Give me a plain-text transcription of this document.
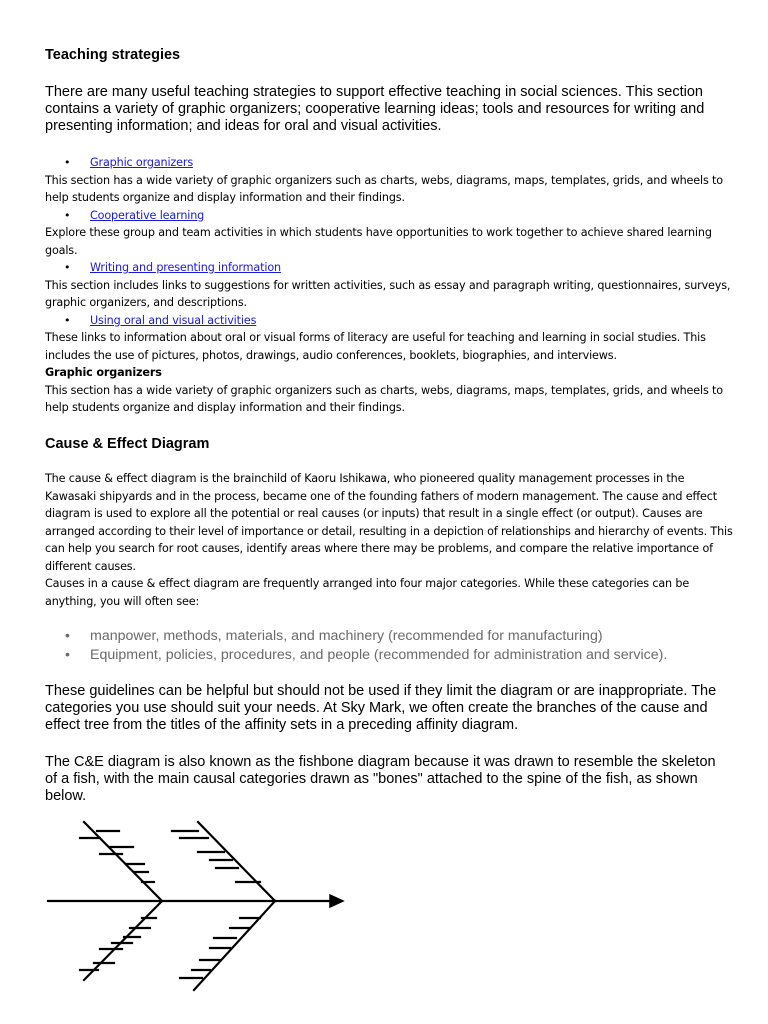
Teaching strategies

There are many useful teaching strategies to support effective teaching in social sciences. This section contains a variety of graphic organizers; cooperative learning ideas; tools and resources for writing and presenting information; and ideas for oral and visual activities.

• Graphic organizers

This section has a wide variety of graphic organizers such as charts, webs, diagrams, maps, templates, grids, and wheels to help students organize and display information and their findings.

• Cooperative learning

Explore these group and team activities in which students have opportunities to work together to achieve shared learning goals.

• Writing and presenting information

This section includes links to suggestions for written activities, such as essay and paragraph writing, questionnaires, surveys, graphic organizers, and descriptions.

• Using oral and visual activities

These links to information about oral or visual forms of literacy are useful for teaching and learning in social studies. This includes the use of pictures, photos, drawings, audio conferences, booklets, biographies, and interviews.

Graphic organizers

This section has a wide variety of graphic organizers such as charts, webs, diagrams, maps, templates, grids, and wheels to help students organize and display information and their findings.

Cause & Effect Diagram

The cause & effect diagram is the brainchild of Kaoru Ishikawa, who pioneered quality management processes in the Kawasaki shipyards and in the process, became one of the founding fathers of modern management. The cause and effect diagram is used to explore all the potential or real causes (or inputs) that result in a single effect (or output). Causes are arranged according to their level of importance or detail, resulting in a depiction of relationships and hierarchy of events. This can help you search for root causes, identify areas where there may be problems, and compare the relative importance of different causes.

Causes in a cause & effect diagram are frequently arranged into four major categories. While these categories can be anything, you will often see:

• manpower, methods, materials, and machinery (recommended for manufacturing)
• Equipment, policies, procedures, and people (recommended for administration and service).

These guidelines can be helpful but should not be used if they limit the diagram or are inappropriate. The categories you use should suit your needs. At Sky Mark, we often create the branches of the cause and effect tree from the titles of the affinity sets in a preceding affinity diagram.

The C&E diagram is also known as the fishbone diagram because it was drawn to resemble the skeleton of a fish, with the main causal categories drawn as "bones" attached to the spine of the fish, as shown below.
